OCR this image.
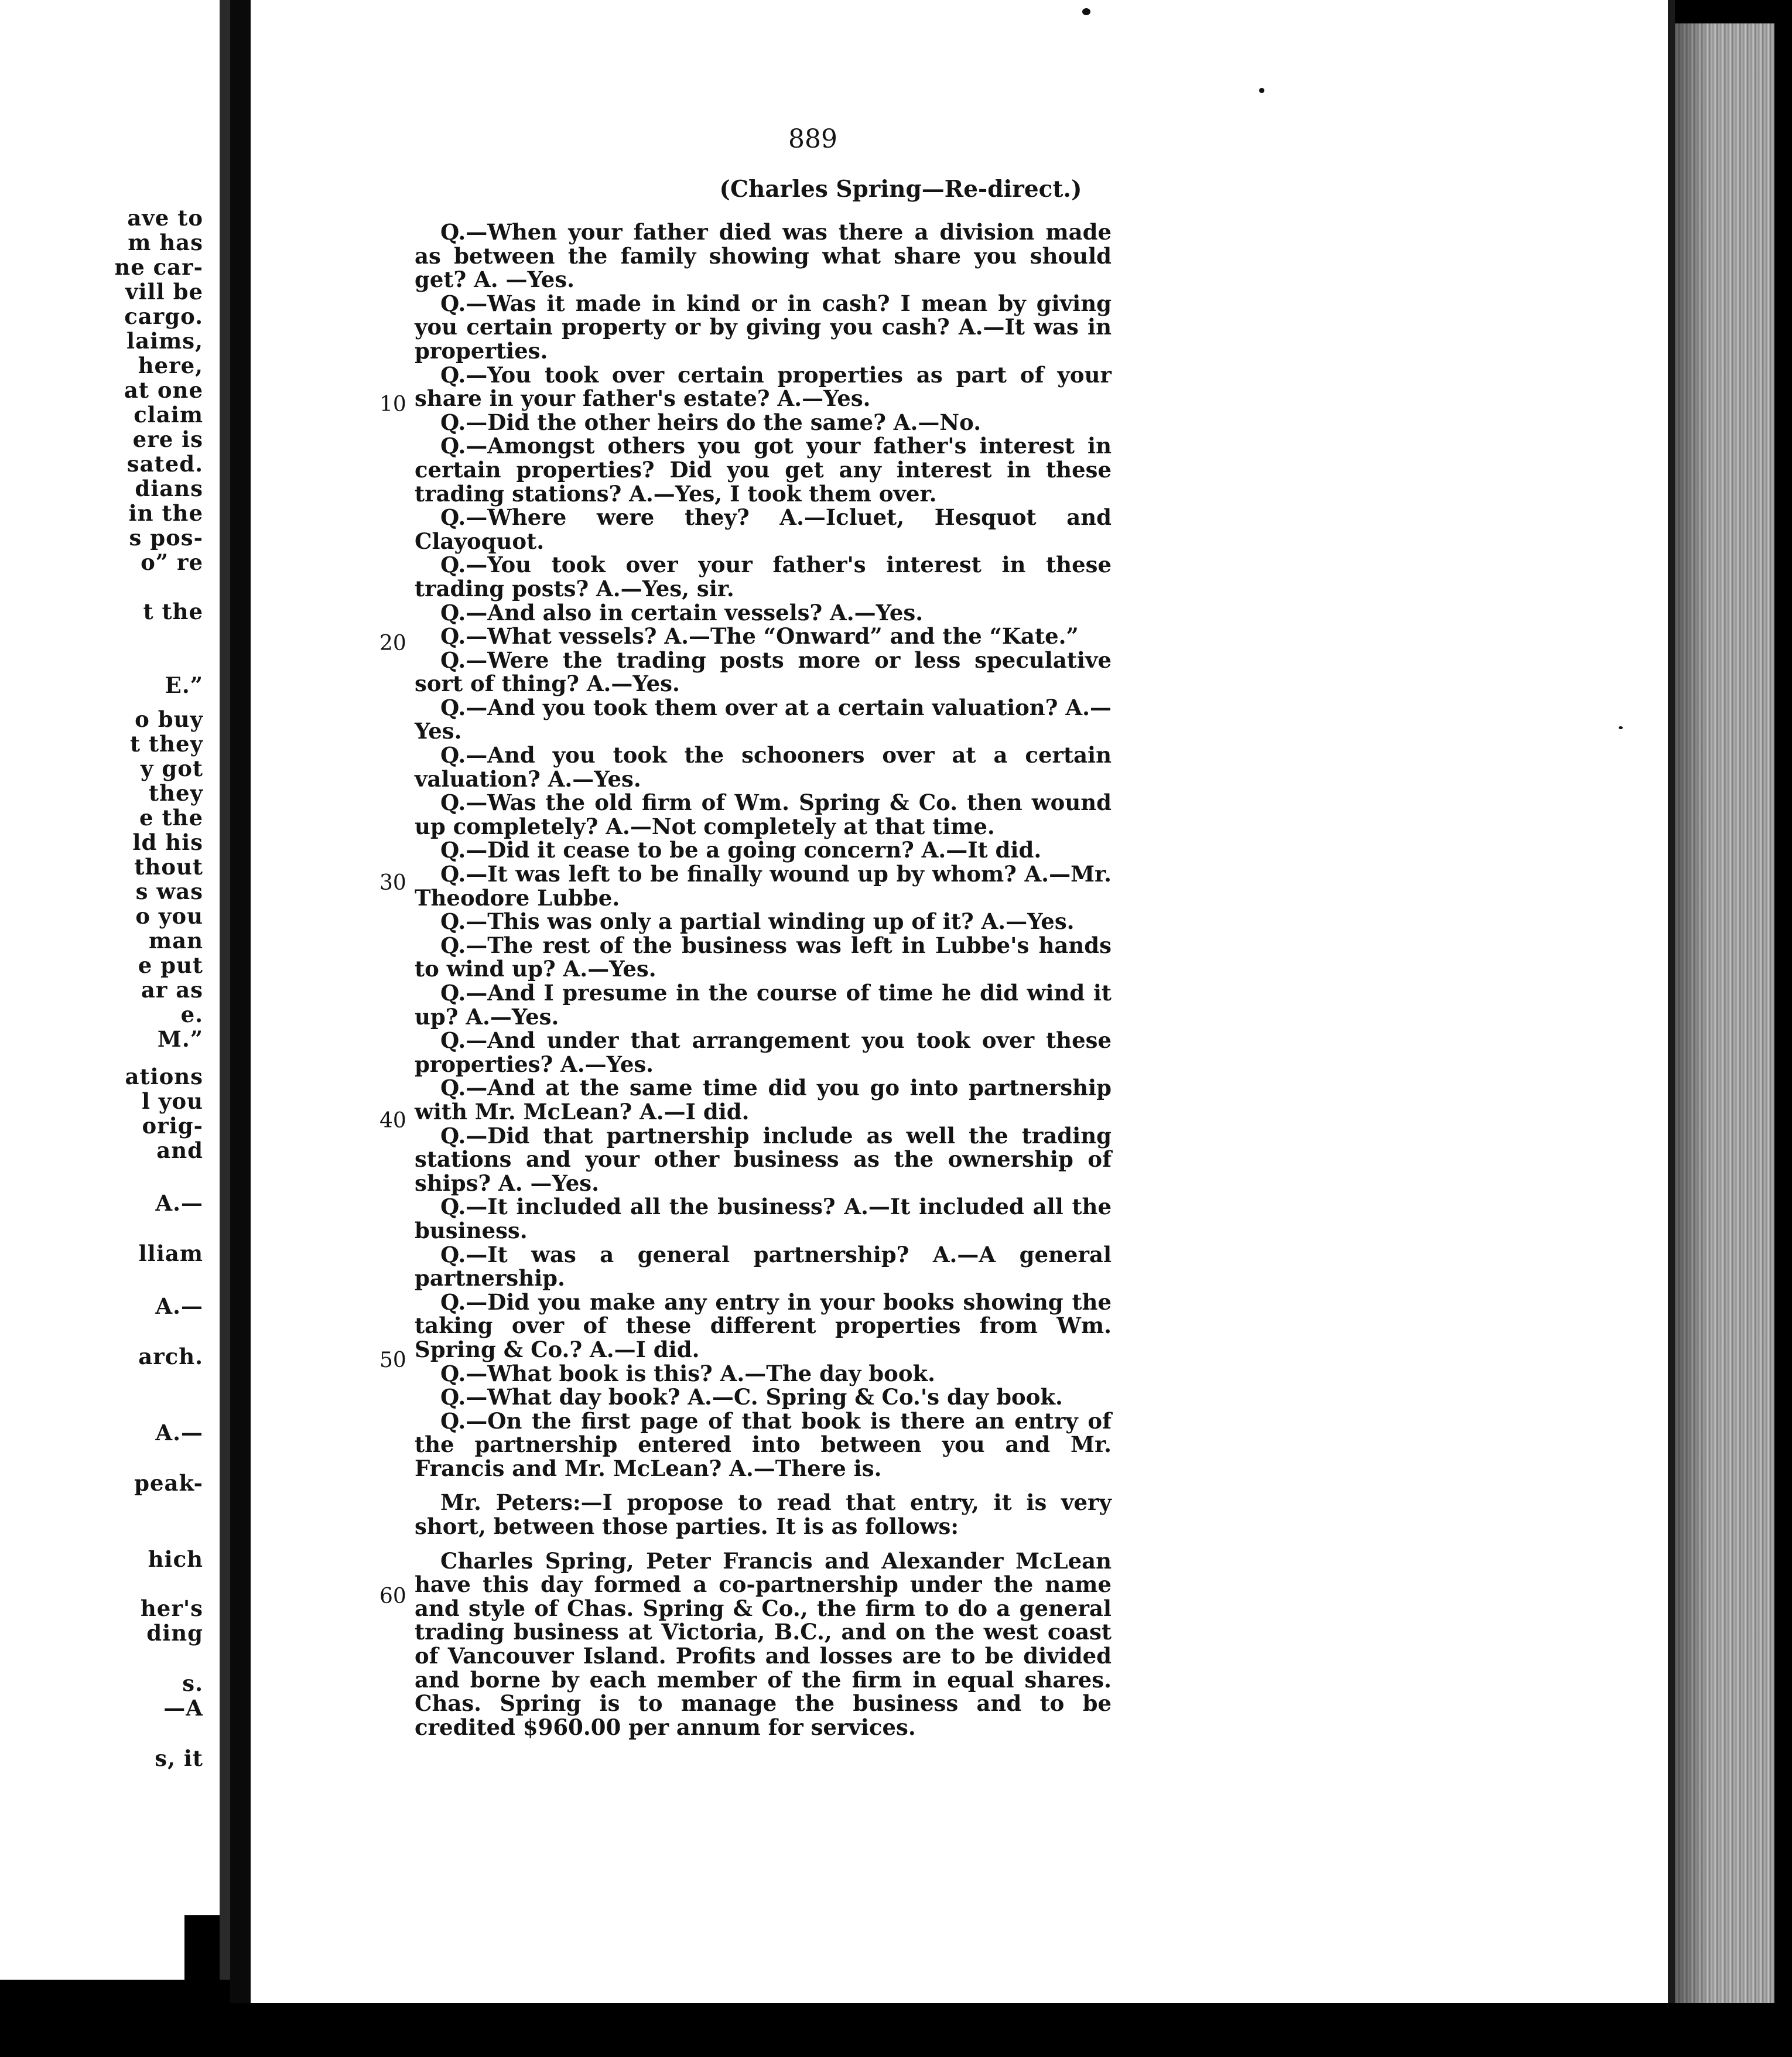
ave to
m has
ne car-
vill be
cargo.
laims,
here,
at one
claim
ere is
sated.
dians
in the
s pos-
o” re
t the
E.”
o buy
t they
y got
they
e the
ld his
thout
s was
o you
man
e put
ar as
e.
M.”
ations
l you
orig-
and
A.—
lliam
A.—
arch.
A.—
peak-
hich
her's
ding
s.
—A
s, it
889
(Charles Spring—Re-direct.)
10
20
30
40
50
60

Q.—When your father died was there a division made as between the family showing what share you should get? A. —Yes.

Q.—Was it made in kind or in cash? I mean by giving you certain property or by giving you cash? A.—It was in properties.

Q.—You took over certain properties as part of your share in your father's estate? A.—Yes.

Q.—Did the other heirs do the same? A.—No.

Q.—Amongst others you got your father's interest in certain properties? Did you get any interest in these trading stations? A.—Yes, I took them over.

Q.—Where were they? A.—Icluet, Hesquot and Clayoquot.

Q.—You took over your father's interest in these trading posts? A.—Yes, sir.

Q.—And also in certain vessels? A.—Yes.

Q.—What vessels? A.—The “Onward” and the “Kate.”

Q.—Were the trading posts more or less speculative sort of thing? A.—Yes.

Q.—And you took them over at a certain valuation? A.— Yes.

Q.—And you took the schooners over at a certain valuation? A.—Yes.

Q.—Was the old firm of Wm. Spring & Co. then wound up completely? A.—Not completely at that time.

Q.—Did it cease to be a going concern? A.—It did.

Q.—It was left to be finally wound up by whom? A.—Mr. Theodore Lubbe.

Q.—This was only a partial winding up of it? A.—Yes.

Q.—The rest of the business was left in Lubbe's hands to wind up? A.—Yes.

Q.—And I presume in the course of time he did wind it up? A.—Yes.

Q.—And under that arrangement you took over these properties? A.—Yes.

Q.—And at the same time did you go into partnership with Mr. McLean? A.—I did.

Q.—Did that partnership include as well the trading stations and your other business as the ownership of ships? A. —Yes.

Q.—It included all the business? A.—It included all the business.

Q.—It was a general partnership? A.—A general partnership.

Q.—Did you make any entry in your books showing the taking over of these different properties from Wm. Spring & Co.? A.—I did.

Q.—What book is this? A.—The day book.

Q.—What day book? A.—C. Spring & Co.'s day book.

Q.—On the first page of that book is there an entry of the partnership entered into between you and Mr. Francis and Mr. McLean? A.—There is.

Mr. Peters:—I propose to read that entry, it is very short, between those parties. It is as follows:

Charles Spring, Peter Francis and Alexander McLean have this day formed a co-partnership under the name and style of Chas. Spring & Co., the firm to do a general trading business at Victoria, B.C., and on the west coast of Vancouver Island. Profits and losses are to be divided and borne by each member of the firm in equal shares. Chas. Spring is to manage the business and to be credited $960.00 per annum for services.
